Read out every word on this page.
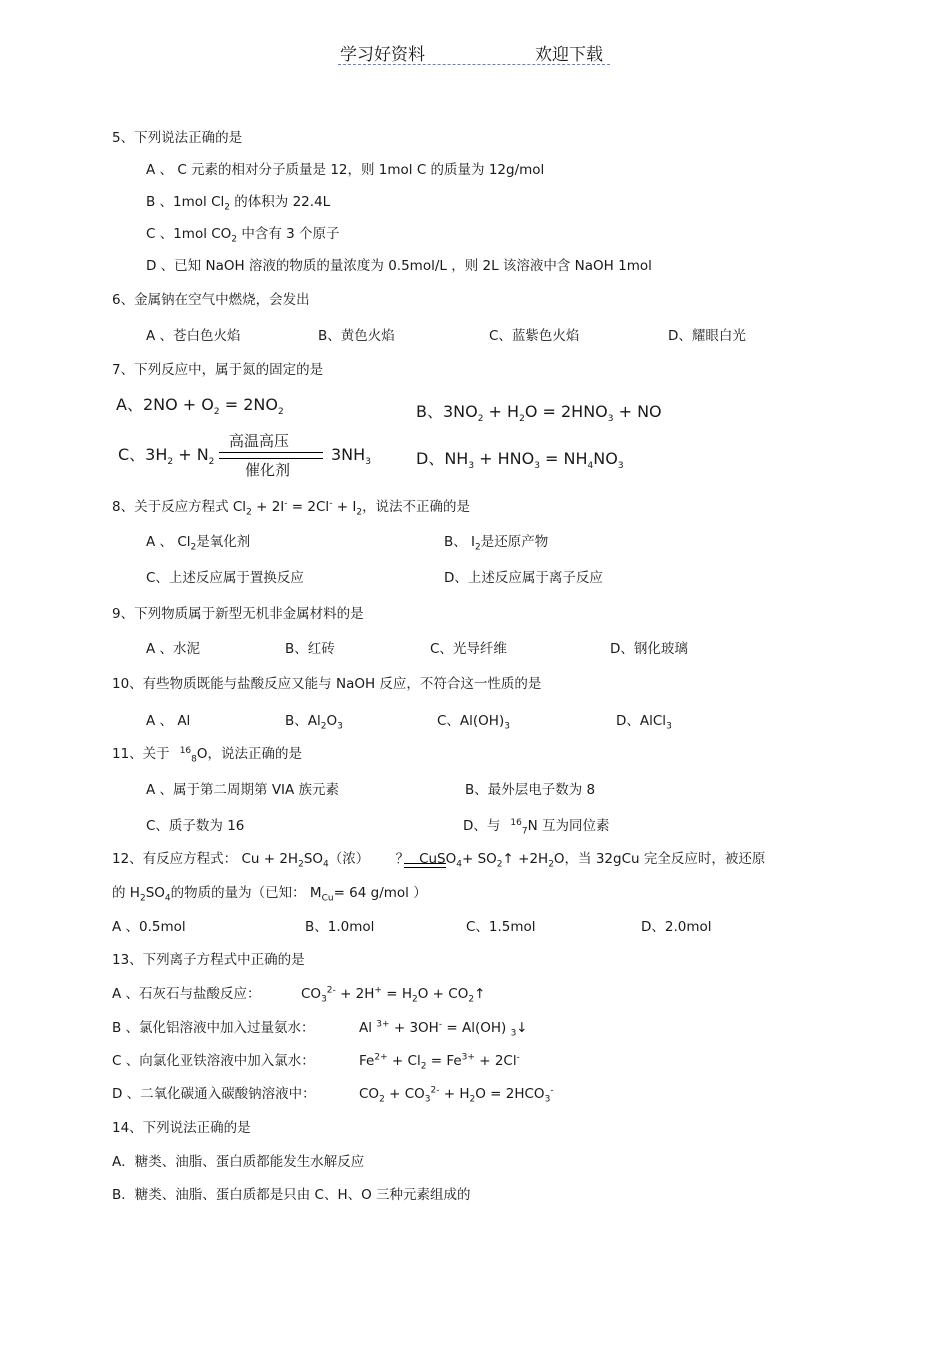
学习好资料	欢迎下载
5、下列说法正确的是
A 、 C 元素的相对分子质量是 12，则 1mol C 的质量为 12g/mol
B 、1mol $Cl_2$ 的体积为 22.4L
C 、1mol $CO_2$ 中含有 3 个原子
D 、已知 NaOH 溶液的物质的量浓度为 0.5mol/L ，则 2L 该溶液中含 NaOH 1mol
6、金属钠在空气中燃烧，会发出
A 、苍白色火焰	B、黄色火焰	C、蓝紫色火焰	D、耀眼白光
7、下列反应中，属于氮的固定的是
A、$2NO + O_2 = 2NO_2$	B、$3NO_2 + H_2O = 2HNO_3$ + NO
C、$3H_2 + N_2$
高温高压
催化剂
$3NH_3$	D、$NH_3 + HNO_3 = NH_4NO_3$
8、关于反应方程式 $Cl_2 + 2I^- = 2Cl^- + I_2$，说法不正确的是
A 、 $Cl_2$是氧化剂	B、 $I_2$是还原产物
C、上述反应属于置换反应	D、上述反应属于离子反应
9、下列物质属于新型无机非金属材料的是
A 、水泥	B、红砖	C、光导纤维	D、钢化玻璃
10、有些物质既能与盐酸反应又能与 NaOH 反应，不符合这一性质的是
A 、 Al	B、$Al_2O_3$	C、$Al(OH)_3$	D、AlCl$_3$
11、关于 $^{16}_8$O，说法正确的是
A 、属于第二周期第 VIA 族元素	B、最外层电子数为 8
C、质子数为 16	D、与 $^{16}_7$N 互为同位素
12、有反应方程式： $Cu + 2H_2SO_4$（浓） ？ CuSO$_4$+ $SO_2↑ +2H_2O$，当 32gCu 完全反应时，被还原
的 $H_2SO_4$的物质的量为（已知： $M_{Cu}= 64$ g/mol ）
A 、0.5mol	B、1.0mol	C、1.5mol	D、2.0mol
13、下列离子方程式中正确的是
A 、石灰石与盐酸反应：	$CO_3^{2-} + 2H^+ = H_2O$ + $CO_2↑$
B 、氯化铝溶液中加入过量氨水：	Al $^{3+}$ + 3OH- = Al(OH) $_3$↓
C 、向氯化亚铁溶液中加入氯水：	$Fe^{2+} + Cl_2 = Fe^{3+} + 2Cl^-$
D 、二氧化碳通入碳酸钠溶液中：	$CO_2 + CO_3^{2-} + H_2O = 2HCO_3^-$
14、下列说法正确的是
A．糖类、油脂、蛋白质都能发生水解反应
B．糖类、油脂、蛋白质都是只由 C、H、O 三种元素组成的
